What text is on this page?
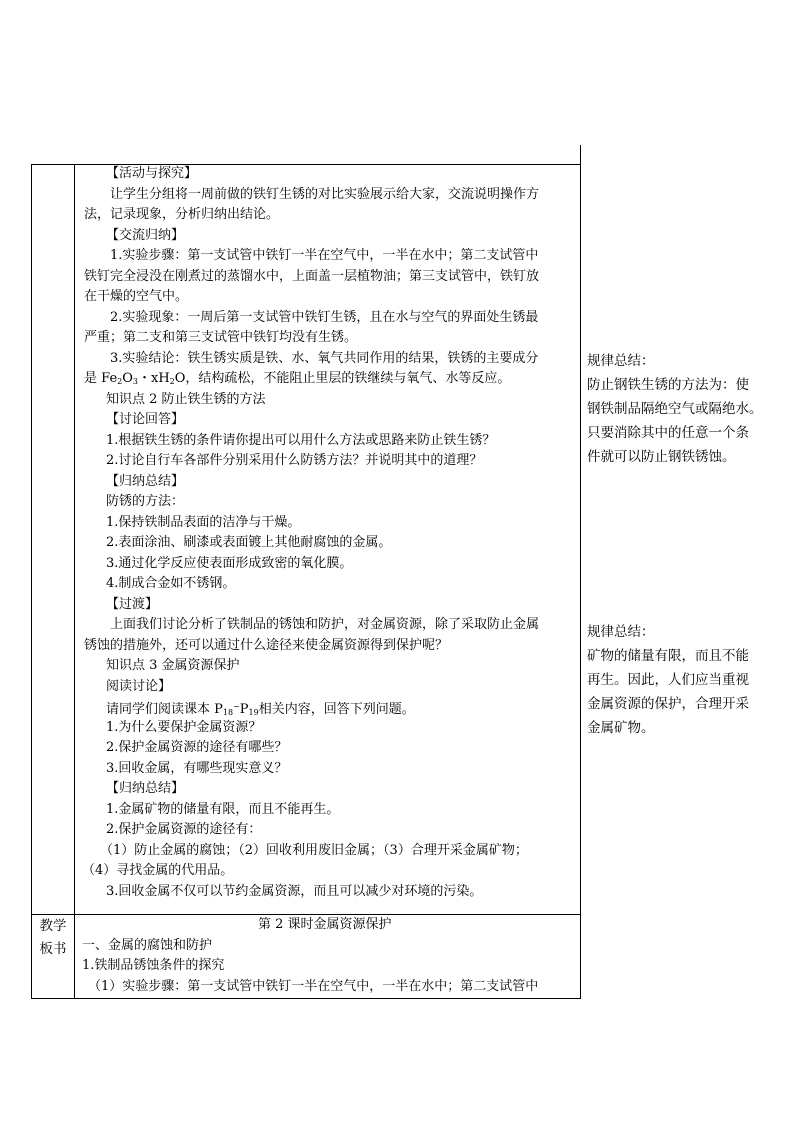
【活动与探究】
让学生分组将一周前做的铁钉生锈的对比实验展示给大家，交流说明操作方
法，记录现象，分析归纳出结论。
【交流归纳】
1.实验步骤：第一支试管中铁钉一半在空气中，一半在水中；第二支试管中
铁钉完全浸没在刚煮过的蒸馏水中，上面盖一层植物油；第三支试管中，铁钉放
在干燥的空气中。
2.实验现象：一周后第一支试管中铁钉生锈，且在水与空气的界面处生锈最
严重；第二支和第三支试管中铁钉均没有生锈。
3.实验结论：铁生锈实质是铁、水、氧气共同作用的结果，铁锈的主要成分
是 $Fe_2O_3$・$xH_2O$，结构疏松，不能阻止里层的铁继续与氧气、水等反应。
知识点 2 防止铁生锈的方法
【讨论回答】
1.根据铁生锈的条件请你提出可以用什么方法或思路来防止铁生锈？
2.讨论自行车各部件分别采用什么防锈方法？并说明其中的道理？
【归纳总结】
防锈的方法：
1.保持铁制品表面的洁净与干燥。
2.表面涂油、刷漆或表面镀上其他耐腐蚀的金属。
3.通过化学反应使表面形成致密的氧化膜。
4.制成合金如不锈钢。
【过渡】
上面我们讨论分析了铁制品的锈蚀和防护，对金属资源，除了采取防止金属
锈蚀的措施外，还可以通过什么途径来使金属资源得到保护呢？
知识点 3 金属资源保护
阅读讨论】
请同学们阅读课本 $P_{18}^\sim P_{19}$相关内容，回答下列问题。
1.为什么要保护金属资源？
2.保护金属资源的途径有哪些？
3.回收金属，有哪些现实意义？
【归纳总结】
1.金属矿物的储量有限，而且不能再生。
2.保护金属资源的途径有：
（1）防止金属的腐蚀；（2）回收利用废旧金属；（3）合理开采金属矿物；
（4）寻找金属的代用品。
3.回收金属不仅可以节约金属资源，而且可以减少对环境的污染。
规律总结：
防止钢铁生锈的方法为：使
钢铁制品隔绝空气或隔绝水。
只要消除其中的任意一个条
件就可以防止钢铁锈蚀。
规律总结：
矿物的储量有限，而且不能
再生。因此，人们应当重视
金属资源的保护，合理开采
金属矿物。
教学
板书
第 2 课时金属资源保护
一、金属的腐蚀和防护
1.铁制品锈蚀条件的探究
（1）实验步骤：第一支试管中铁钉一半在空气中，一半在水中；第二支试管中
